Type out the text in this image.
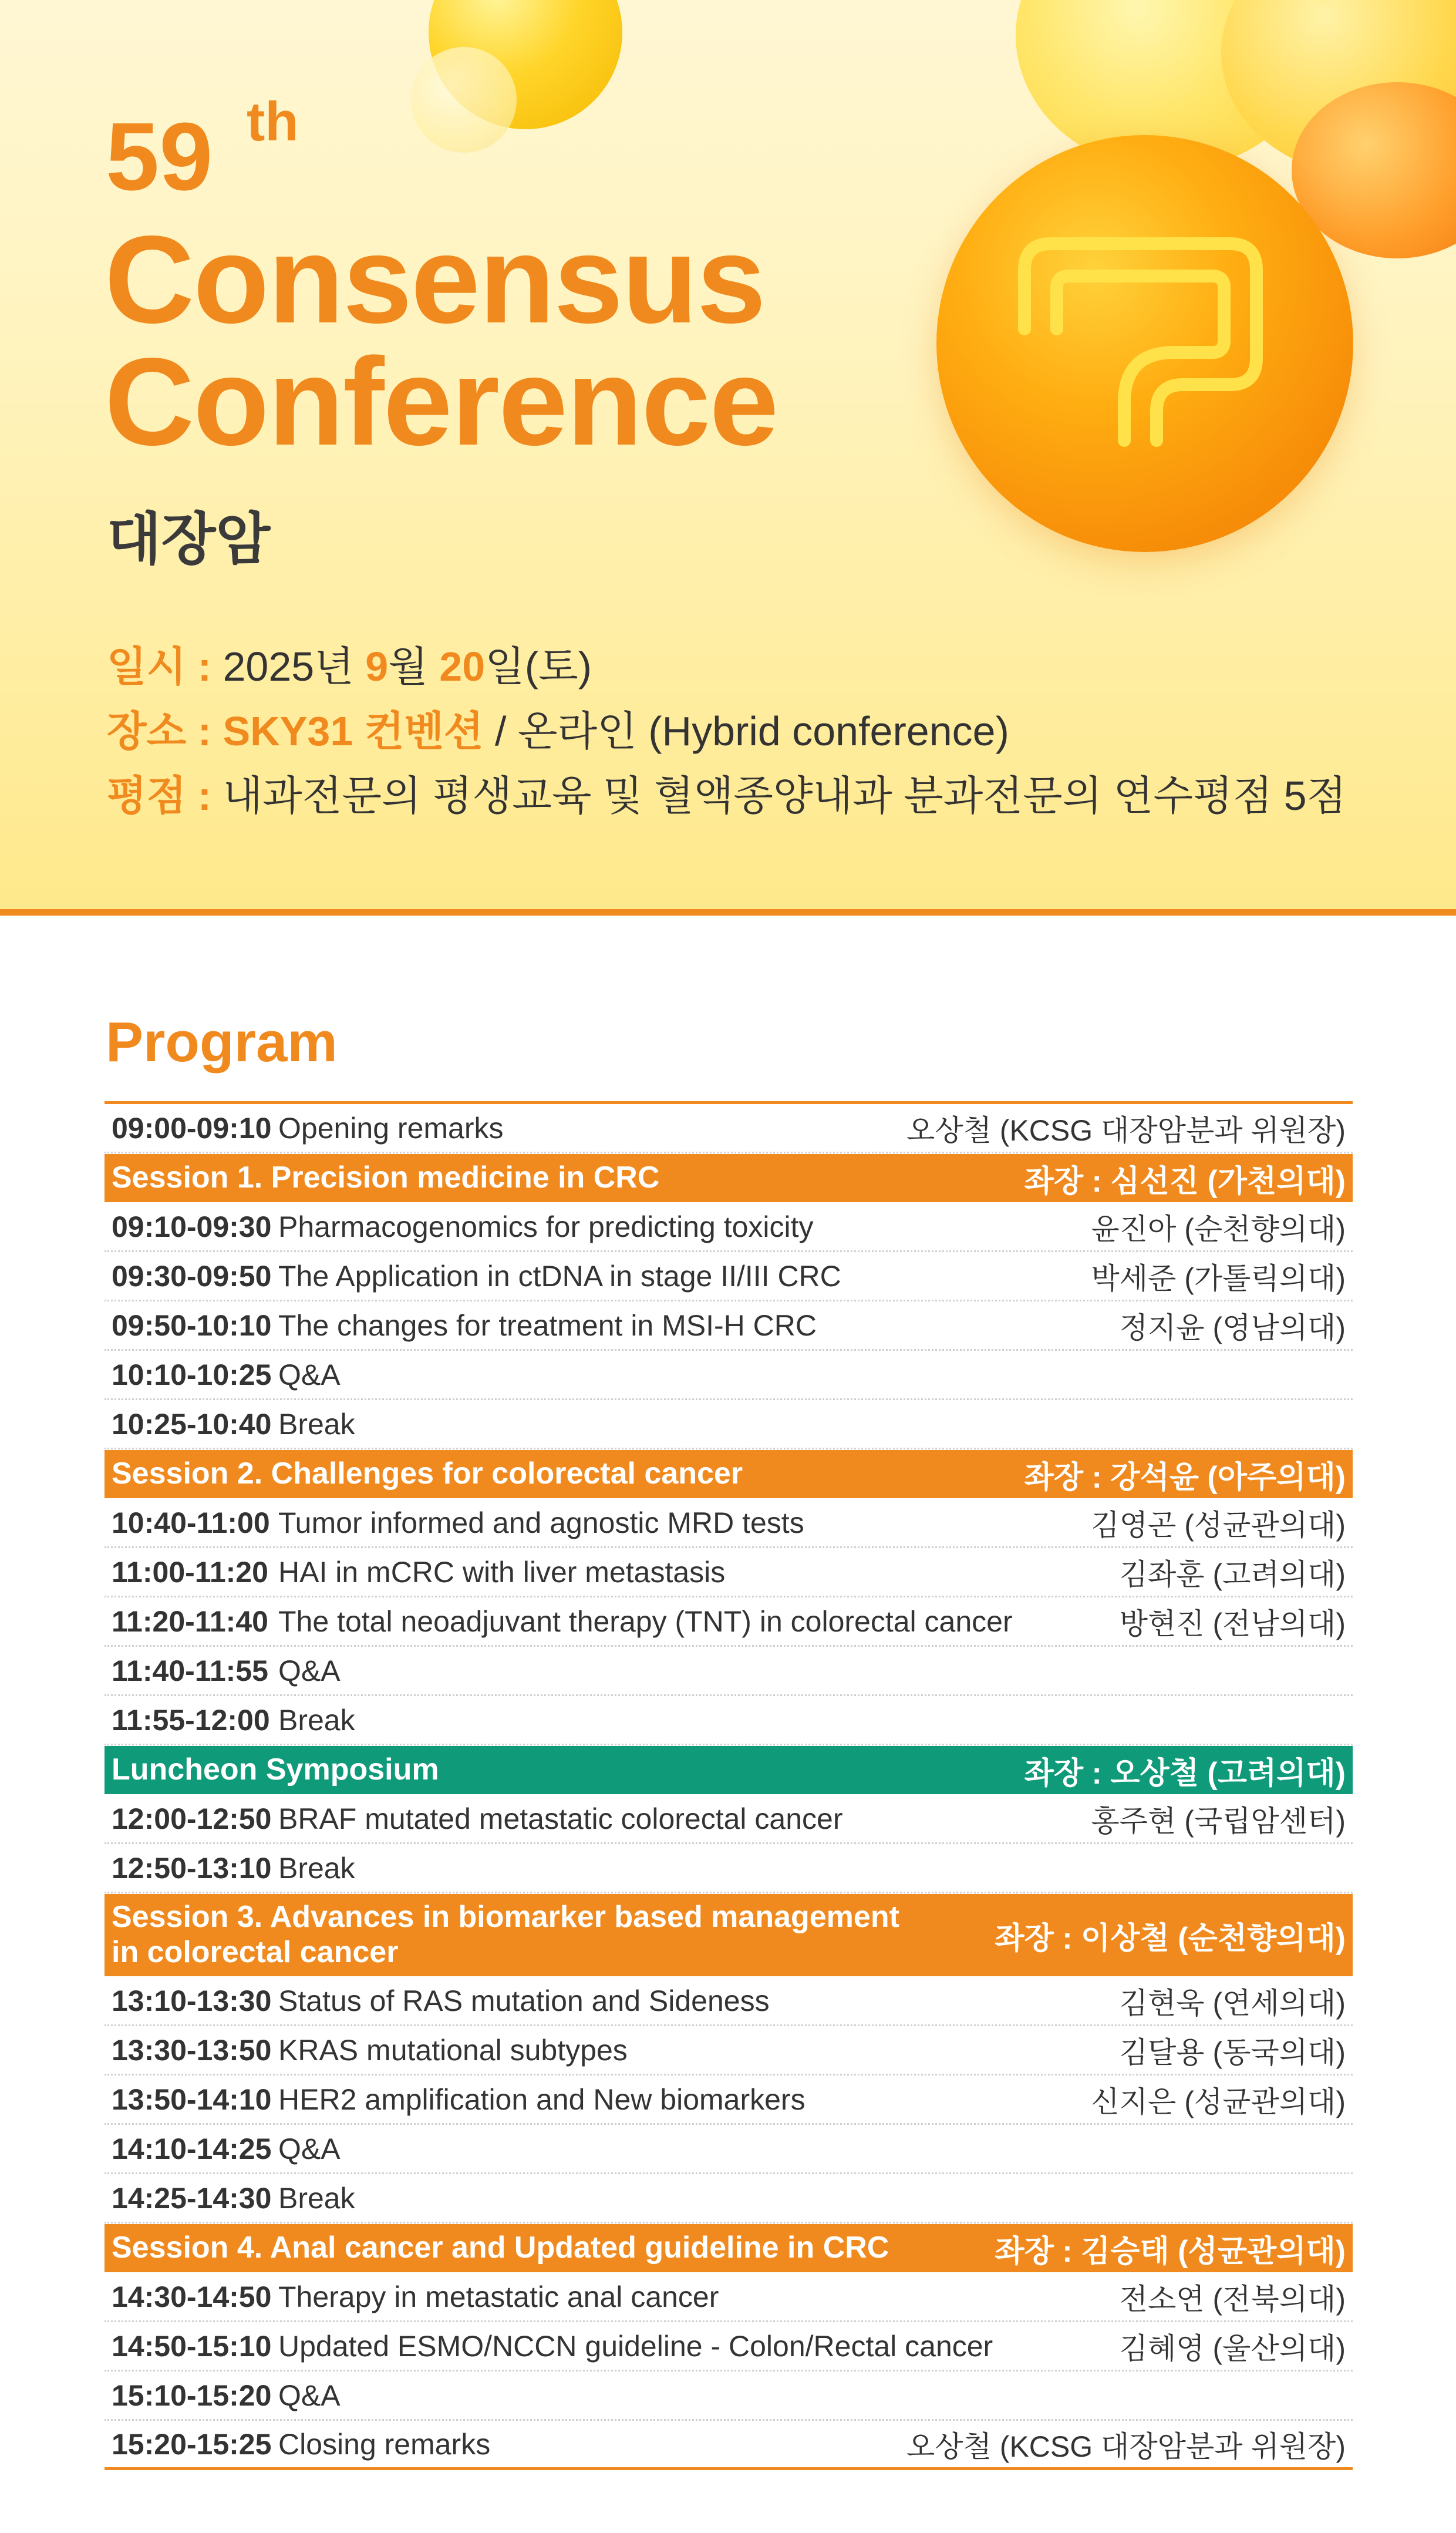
59 th
Consensus
Conference
대장암
일시 : 2025년 9월 20일(토)
장소 : SKY31 컨벤션 / 온라인 (Hybrid conference)
평점 : 내과전문의 평생교육 및 혈액종양내과 분과전문의 연수평점 5점
Program
09:00-09:10 Opening remarks	오상철 (KCSG 대장암분과 위원장)
Session 1. Precision medicine in CRC	좌장 : 심선진 (가천의대)
09:10-09:30 Pharmacogenomics for predicting toxicity	윤진아 (순천향의대)
09:30-09:50 The Application in ctDNA in stage II/III CRC	박세준 (가톨릭의대)
09:50-10:10 The changes for treatment in MSI-H CRC	정지윤 (영남의대)
10:10-10:25 Q&A
10:25-10:40 Break
Session 2. Challenges for colorectal cancer	좌장 : 강석윤 (아주의대)
10:40-11:00 Tumor informed and agnostic MRD tests	김영곤 (성균관의대)
11:00-11:20 HAI in mCRC with liver metastasis	김좌훈 (고려의대)
11:20-11:40 The total neoadjuvant therapy (TNT) in colorectal cancer	방현진 (전남의대)
11:40-11:55 Q&A
11:55-12:00 Break
Luncheon Symposium	좌장 : 오상철 (고려의대)
12:00-12:50 BRAF mutated metastatic colorectal cancer	홍주현 (국립암센터)
12:50-13:10 Break
Session 3. Advances in biomarker based management
in colorectal cancer	좌장 : 이상철 (순천향의대)
13:10-13:30 Status of RAS mutation and Sideness	김현욱 (연세의대)
13:30-13:50 KRAS mutational subtypes	김달용 (동국의대)
13:50-14:10 HER2 amplification and New biomarkers	신지은 (성균관의대)
14:10-14:25 Q&A
14:25-14:30 Break
Session 4. Anal cancer and Updated guideline in CRC	좌장 : 김승태 (성균관의대)
14:30-14:50 Therapy in metastatic anal cancer	전소연 (전북의대)
14:50-15:10 Updated ESMO/NCCN guideline - Colon/Rectal cancer	김혜영 (울산의대)
15:10-15:20 Q&A
15:20-15:25 Closing remarks	오상철 (KCSG 대장암분과 위원장)
